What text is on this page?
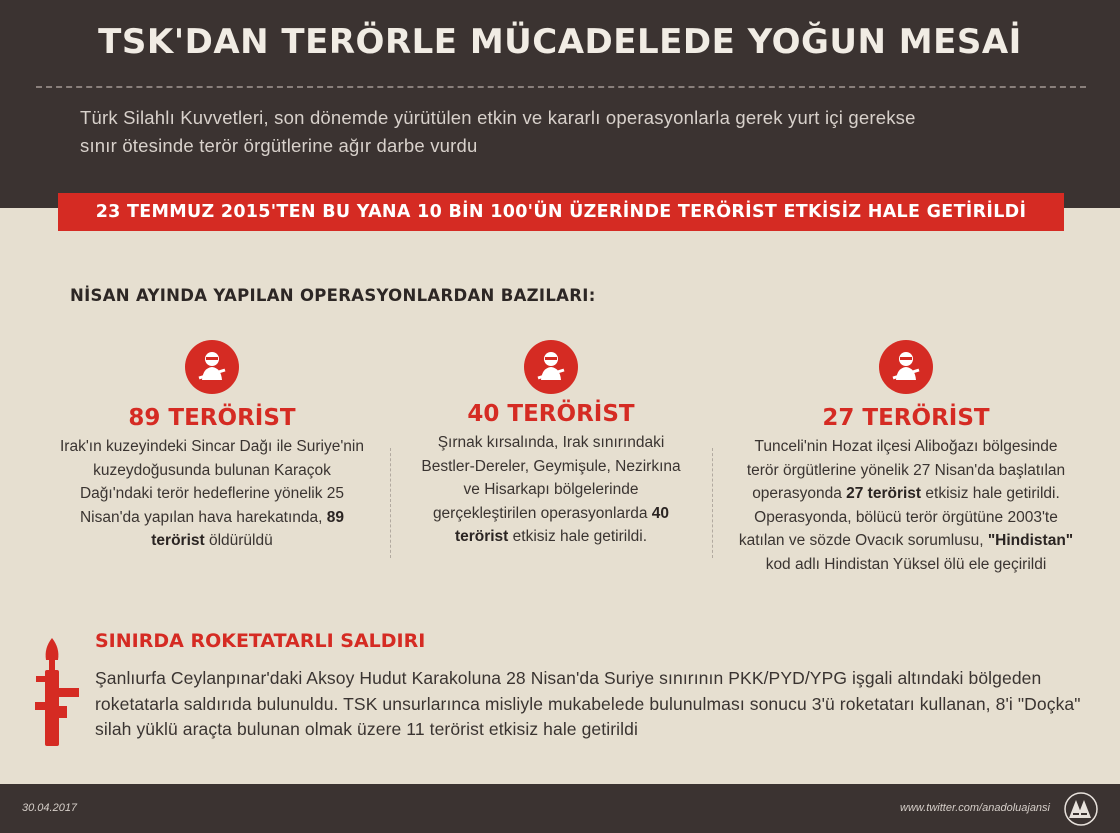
TSK'DAN TERÖRLE MÜCADELEDE YOĞUN MESAİ
Türk Silahlı Kuvvetleri, son dönemde yürütülen etkin ve kararlı operasyonlarla gerek yurt içi gerekse
sınır ötesinde terör örgütlerine ağır darbe vurdu
23 TEMMUZ 2015'TEN BU YANA 10 BİN 100'ÜN ÜZERİNDE TERÖRİST ETKİSİZ HALE GETİRİLDİ
NİSAN AYINDA YAPILAN OPERASYONLARDAN BAZILARI:
89 TERÖRİST
Irak'ın kuzeyindeki Sincar Dağı ile Suriye'nin
kuzeydoğusunda bulunan Karaçok
Dağı'ndaki terör hedeflerine yönelik 25
Nisan'da yapılan hava harekatında, 89
terörist öldürüldü
40 TERÖRİST
Şırnak kırsalında, Irak sınırındaki
Bestler-Dereler, Geymişule, Nezirkına
ve Hisarkapı bölgelerinde
gerçekleştirilen operasyonlarda 40
terörist etkisiz hale getirildi.
27 TERÖRİST
Tunceli'nin Hozat ilçesi Aliboğazı bölgesinde
terör örgütlerine yönelik 27 Nisan'da başlatılan
operasyonda 27 terörist etkisiz hale getirildi.
Operasyonda, bölücü terör örgütüne 2003'te
katılan ve sözde Ovacık sorumlusu, "Hindistan"
kod adlı Hindistan Yüksel ölü ele geçirildi
SINIRDA ROKETATARLI SALDIRI
Şanlıurfa Ceylanpınar'daki Aksoy Hudut Karakoluna 28 Nisan'da Suriye sınırının PKK/PYD/YPG işgali altındaki bölgeden
roketatarla saldırıda bulunuldu. TSK unsurlarınca misliyle mukabelede bulunulması sonucu 3'ü roketatarı kullanan, 8'i "Doçka"
silah yüklü araçta bulunan olmak üzere 11 terörist etkisiz hale getirildi
30.04.2017	www.twitter.com/anadoluajansi
